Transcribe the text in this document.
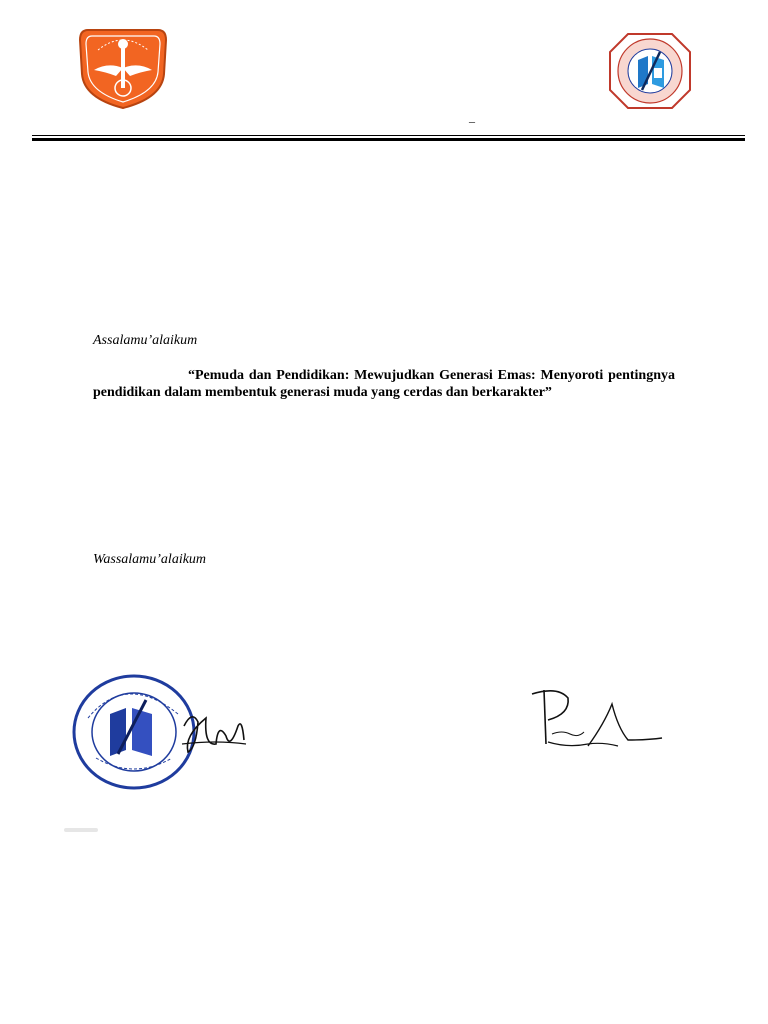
_
Assalamu’alaikum

“Pemuda dan Pendidikan: Mewujudkan Generasi Emas: Menyoroti pentingnya pendidikan dalam membentuk generasi muda yang cerdas dan berkarakter”

Wassalamu’alaikum
